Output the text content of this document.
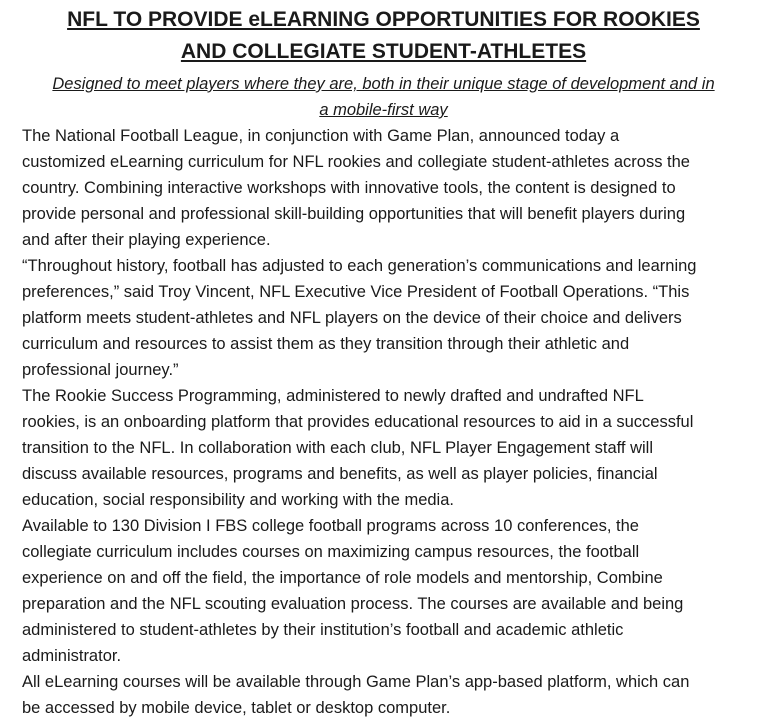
NFL TO PROVIDE eLEARNING OPPORTUNITIES FOR ROOKIES
AND COLLEGIATE STUDENT-ATHLETES

Designed to meet players where they are, both in their unique stage of development and in
a mobile-first way

The National Football League, in conjunction with Game Plan, announced today a
customized eLearning curriculum for NFL rookies and collegiate student-athletes across the
country. Combining interactive workshops with innovative tools, the content is designed to
provide personal and professional skill-building opportunities that will benefit players during
and after their playing experience.

“Throughout history, football has adjusted to each generation’s communications and learning
preferences,” said Troy Vincent, NFL Executive Vice President of Football Operations. “This
platform meets student-athletes and NFL players on the device of their choice and delivers
curriculum and resources to assist them as they transition through their athletic and
professional journey.”

The Rookie Success Programming, administered to newly drafted and undrafted NFL
rookies, is an onboarding platform that provides educational resources to aid in a successful
transition to the NFL. In collaboration with each club, NFL Player Engagement staff will
discuss available resources, programs and benefits, as well as player policies, financial
education, social responsibility and working with the media.

Available to 130 Division I FBS college football programs across 10 conferences, the
collegiate curriculum includes courses on maximizing campus resources, the football
experience on and off the field, the importance of role models and mentorship, Combine
preparation and the NFL scouting evaluation process. The courses are available and being
administered to student-athletes by their institution’s football and academic athletic
administrator.

All eLearning courses will be available through Game Plan’s app-based platform, which can
be accessed by mobile device, tablet or desktop computer.
